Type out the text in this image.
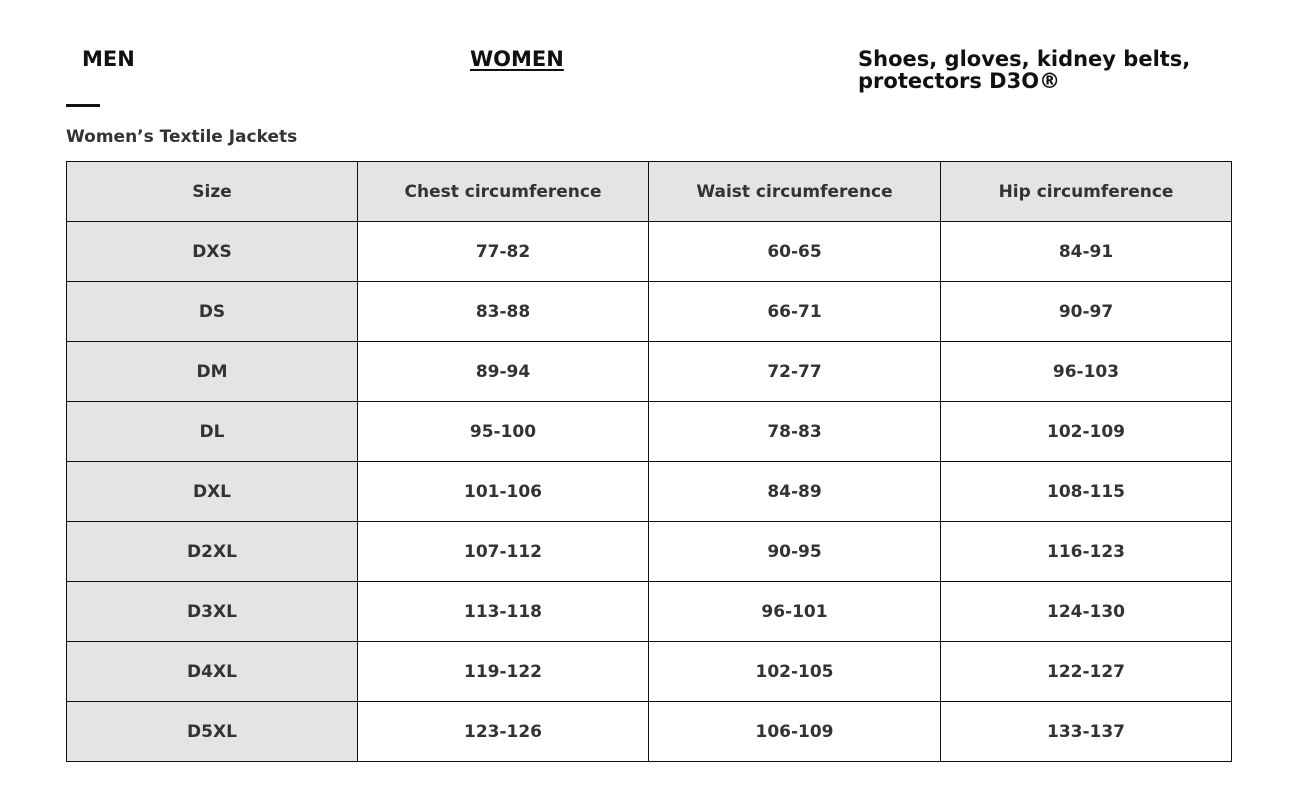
MEN	WOMEN	Shoes, gloves, kidney belts, protectors D3O®
Women’s Textile Jackets
Size	Chest circumference	Waist circumference	Hip circumference
DXS	77-82	60-65	84-91
DS	83-88	66-71	90-97
DM	89-94	72-77	96-103
DL	95-100	78-83	102-109
DXL	101-106	84-89	108-115
D2XL	107-112	90-95	116-123
D3XL	113-118	96-101	124-130
D4XL	119-122	102-105	122-127
D5XL	123-126	106-109	133-137
